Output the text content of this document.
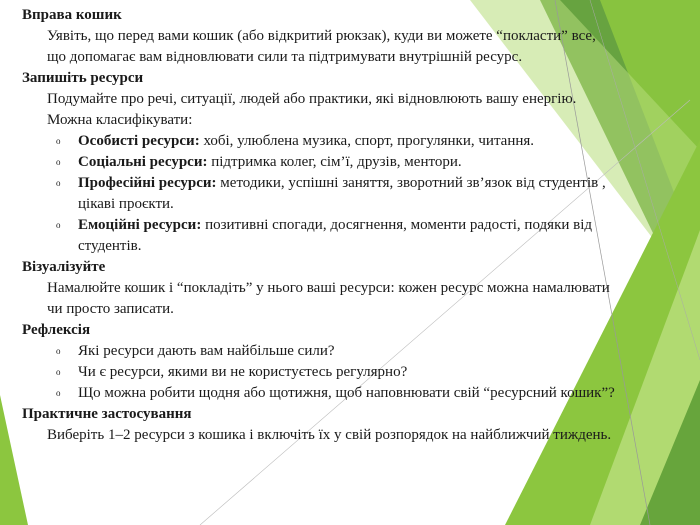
Вправа кошик
Уявіть, що перед вами кошик (або відкритий рюкзак), куди ви можете “покласти” все,
що допомагає вам відновлювати сили та підтримувати внутрішній ресурс.
Запишіть ресурси
Подумайте про речі, ситуації, людей або практики, які відновлюють вашу енергію.
Можна класифікувати:
o Особисті ресурси: хобі, улюблена музика, спорт, прогулянки, читання.
o Соціальні ресурси: підтримка колег, сім’ї, друзів, ментори.
o Професійні ресурси: методики, успішні заняття, зворотний зв’язок від студентів ,
цікаві проєкти.
o Емоційні ресурси: позитивні спогади, досягнення, моменти радості, подяки від
студентів.
Візуалізуйте
Намалюйте кошик і “покладіть” у нього ваші ресурси: кожен ресурс можна намалювати
чи просто записати.
Рефлексія
o Які ресурси дають вам найбільше сили?
o Чи є ресурси, якими ви не користуєтесь регулярно?
o Що можна робити щодня або щотижня, щоб наповнювати свій “ресурсний кошик”?
Практичне застосування
Виберіть 1–2 ресурси з кошика і включіть їх у свій розпорядок на найближчий тиждень.
